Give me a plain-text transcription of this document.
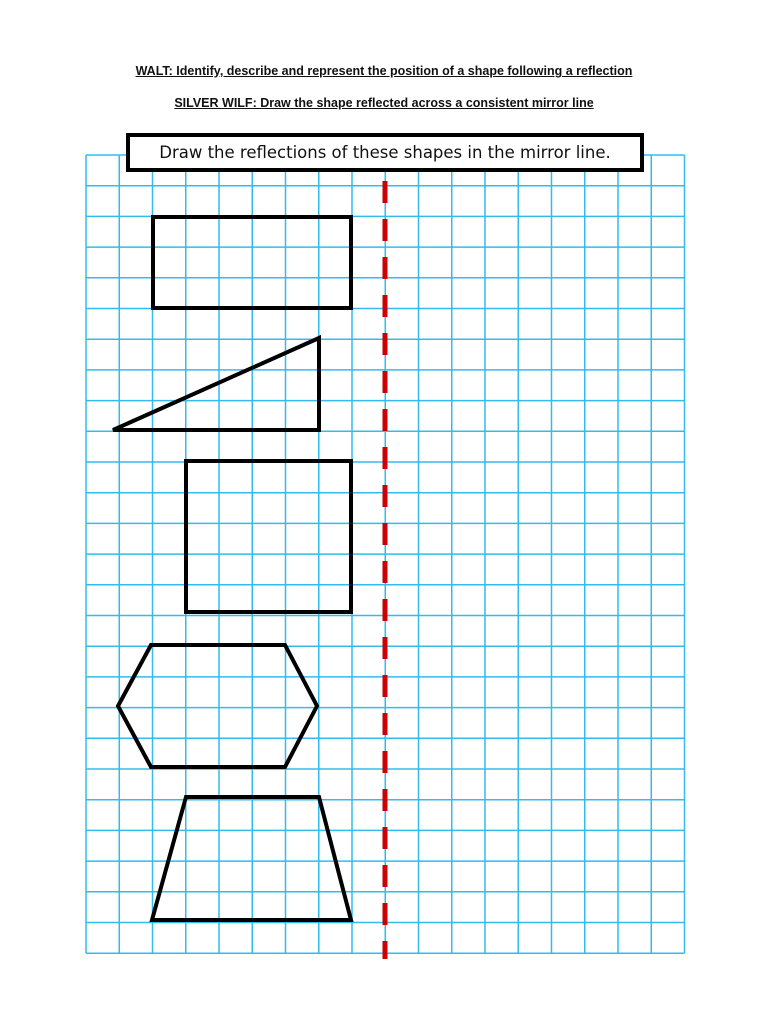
WALT: Identify, describe and represent the position of a shape following a reflection
SILVER WILF: Draw the shape reflected across a consistent mirror line
Draw the reflections of these shapes in the mirror line.
